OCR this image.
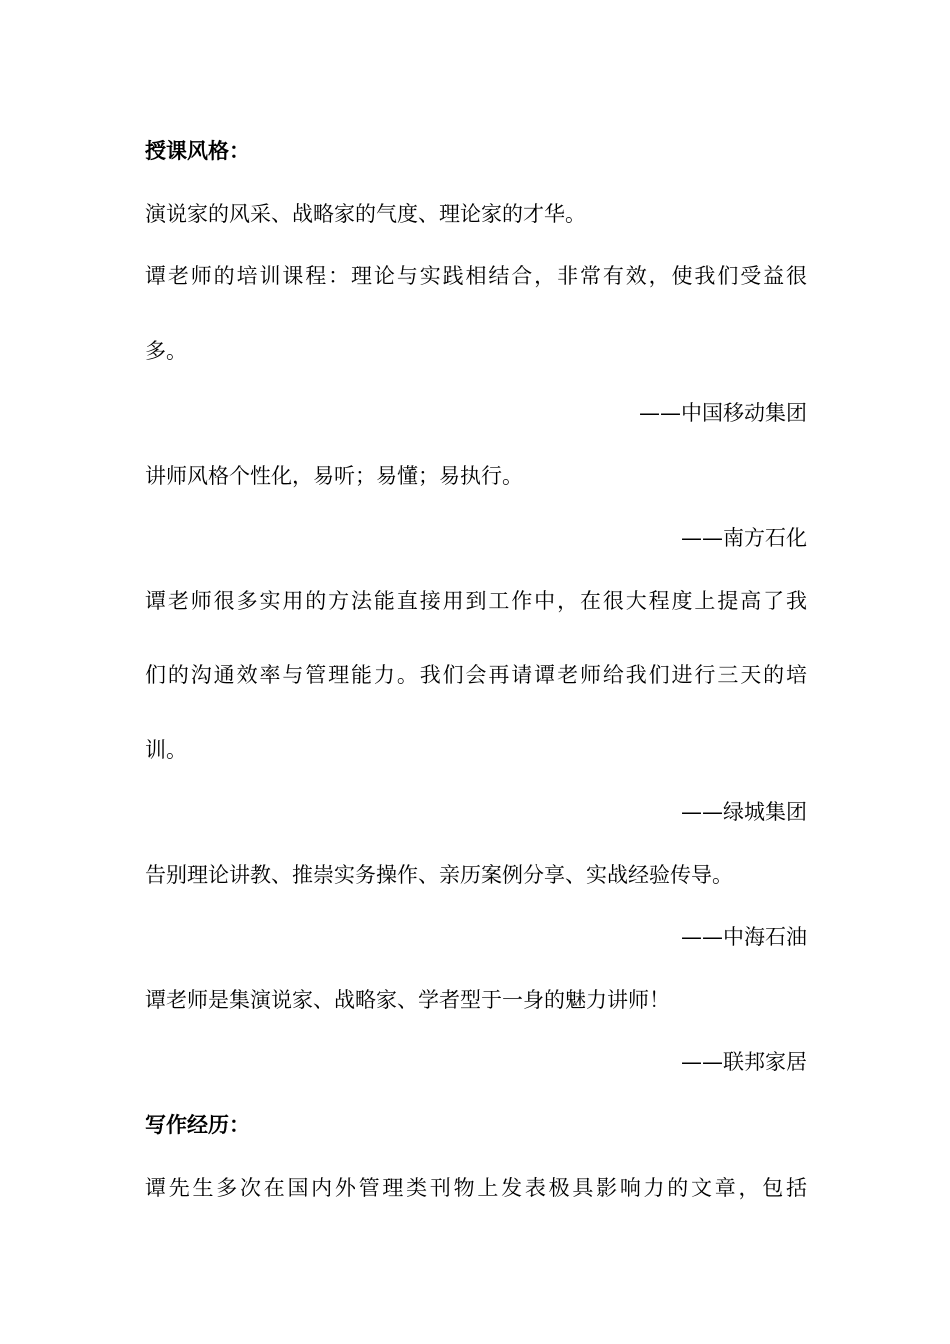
授课风格：
演说家的风采、战略家的气度、理论家的才华。
谭老师的培训课程：理论与实践相结合，非常有效，使我们受益很
多。
——中国移动集团
讲师风格个性化，易听；易懂；易执行。
——南方石化
谭老师很多实用的方法能直接用到工作中，在很大程度上提高了我
们的沟通效率与管理能力。我们会再请谭老师给我们进行三天的培
训。
——绿城集团
告别理论讲教、推崇实务操作、亲历案例分享、实战经验传导。
——中海石油
谭老师是集演说家、战略家、学者型于一身的魅力讲师！
——联邦家居
写作经历：
谭先生多次在国内外管理类刊物上发表极具影响力的文章，包括
